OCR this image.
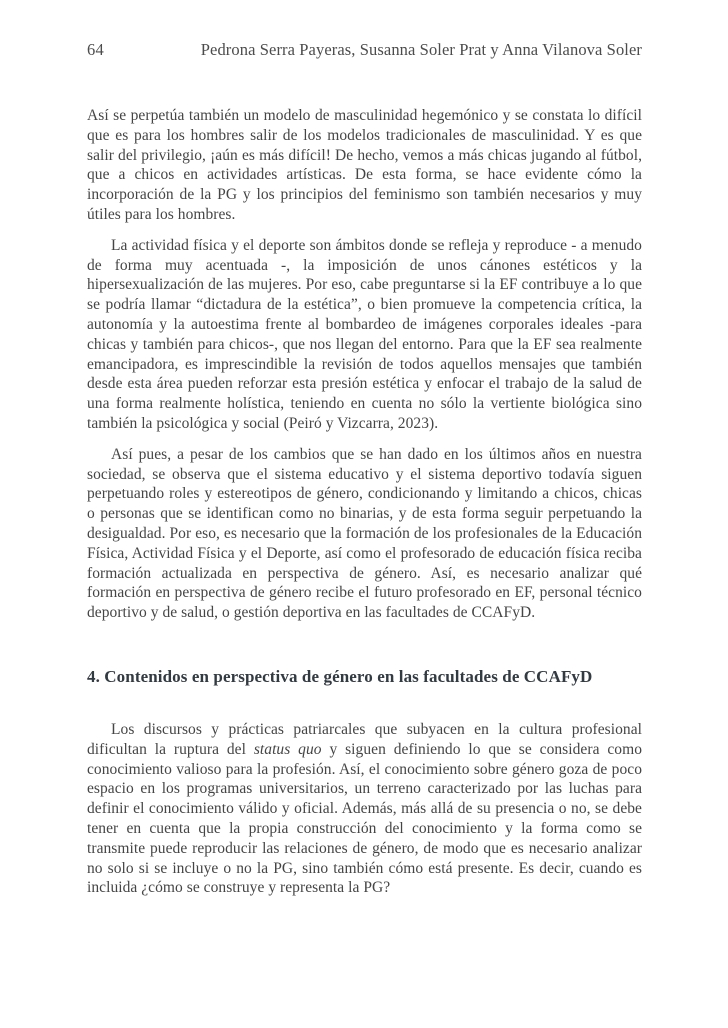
64	Pedrona Serra Payeras, Susanna Soler Prat y Anna Vilanova Soler

Así se perpetúa también un modelo de masculinidad hegemónico y se constata lo difícil que es para los hombres salir de los modelos tradicionales de masculinidad. Y es que salir del privilegio, ¡aún es más difícil! De hecho, vemos a más chicas jugando al fútbol, que a chicos en actividades artísticas. De esta forma, se hace evidente cómo la incorporación de la PG y los principios del feminismo son también necesarios y muy útiles para los hombres.

La actividad física y el deporte son ámbitos donde se refleja y reproduce - a menudo de forma muy acentuada -, la imposición de unos cánones estéticos y la hipersexualización de las mujeres. Por eso, cabe preguntarse si la EF contribuye a lo que se podría llamar “dictadura de la estética”, o bien promueve la competencia crítica, la autonomía y la autoestima frente al bombardeo de imágenes corporales ideales -para chicas y también para chicos-, que nos llegan del entorno. Para que la EF sea realmente emancipadora, es imprescindible la revisión de todos aquellos mensajes que también desde esta área pueden reforzar esta presión estética y enfocar el trabajo de la salud de una forma realmente holística, teniendo en cuenta no sólo la vertiente biológica sino también la psicológica y social (Peiró y Vizcarra, 2023).

Así pues, a pesar de los cambios que se han dado en los últimos años en nuestra sociedad, se observa que el sistema educativo y el sistema deportivo todavía siguen perpetuando roles y estereotipos de género, condicionando y limitando a chicos, chicas o personas que se identifican como no binarias, y de esta forma seguir perpetuando la desigualdad. Por eso, es necesario que la formación de los profesionales de la Educación Física, Actividad Física y el Deporte, así como el profesorado de educación física reciba formación actualizada en perspectiva de género. Así, es necesario analizar qué formación en perspectiva de género recibe el futuro profesorado en EF, personal técnico deportivo y de salud, o gestión deportiva en las facultades de CCAFyD.

4. Contenidos en perspectiva de género en las facultades de CCAFyD

Los discursos y prácticas patriarcales que subyacen en la cultura profesional dificultan la ruptura del status quo y siguen definiendo lo que se considera como conocimiento valioso para la profesión. Así, el conocimiento sobre género goza de poco espacio en los programas universitarios, un terreno caracterizado por las luchas para definir el conocimiento válido y oficial. Además, más allá de su presencia o no, se debe tener en cuenta que la propia construcción del conocimiento y la forma como se transmite puede reproducir las relaciones de género, de modo que es necesario analizar no solo si se incluye o no la PG, sino también cómo está presente. Es decir, cuando es incluida ¿cómo se construye y representa la PG?
